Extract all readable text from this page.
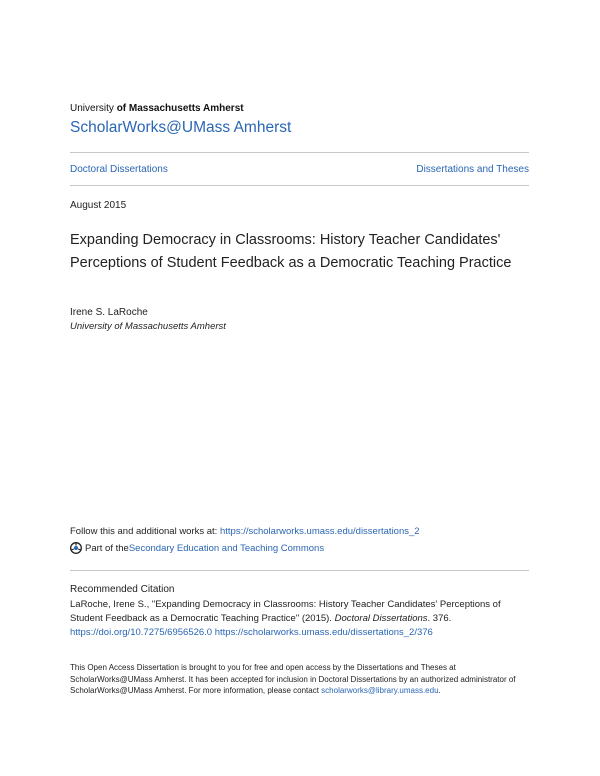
University of Massachusetts Amherst
ScholarWorks@UMass Amherst
Doctoral Dissertations	Dissertations and Theses
August 2015
Expanding Democracy in Classrooms: History Teacher Candidates' Perceptions of Student Feedback as a Democratic Teaching Practice
Irene S. LaRoche
University of Massachusetts Amherst
Follow this and additional works at: https://scholarworks.umass.edu/dissertations_2
Part of the Secondary Education and Teaching Commons
Recommended Citation
LaRoche, Irene S., "Expanding Democracy in Classrooms: History Teacher Candidates' Perceptions of Student Feedback as a Democratic Teaching Practice" (2015). Doctoral Dissertations. 376.
https://doi.org/10.7275/6956526.0 https://scholarworks.umass.edu/dissertations_2/376
This Open Access Dissertation is brought to you for free and open access by the Dissertations and Theses at ScholarWorks@UMass Amherst. It has been accepted for inclusion in Doctoral Dissertations by an authorized administrator of ScholarWorks@UMass Amherst. For more information, please contact scholarworks@library.umass.edu.
